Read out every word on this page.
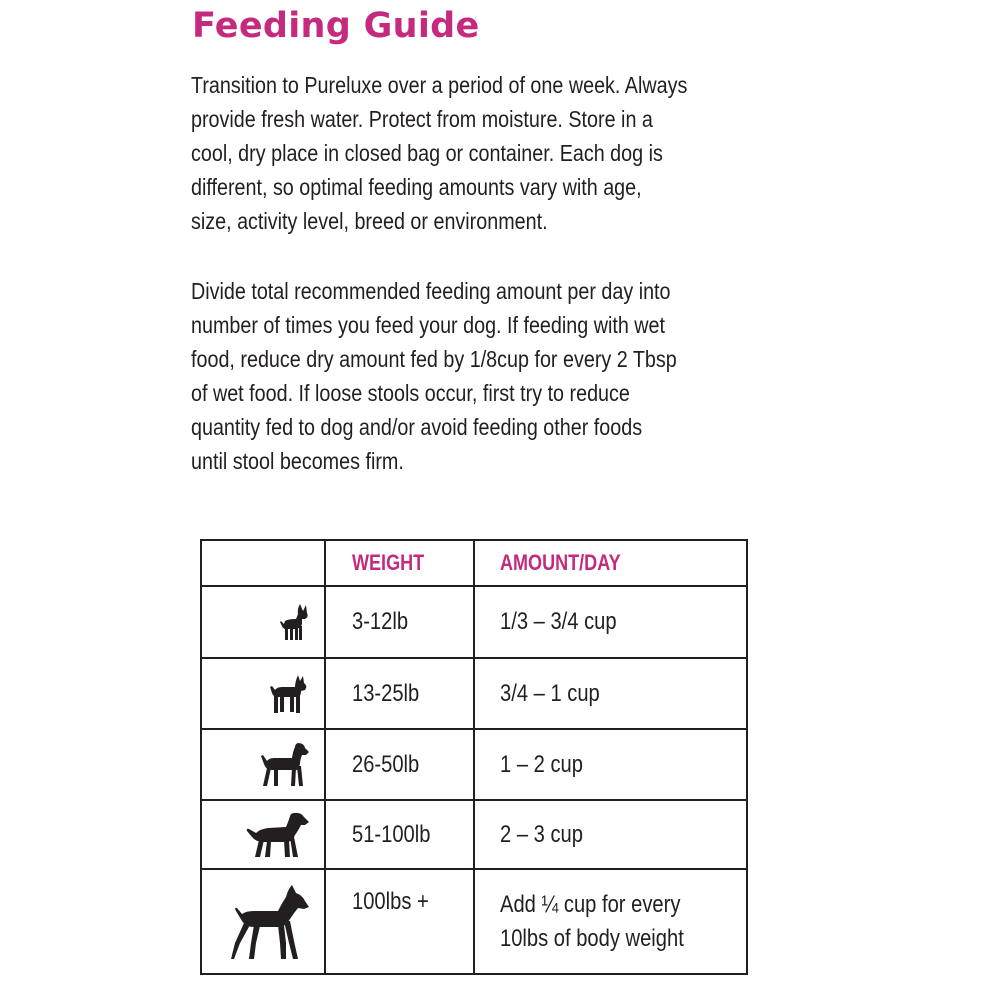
Feeding Guide
Transition to Pureluxe over a period of one week. Always
provide fresh water. Protect from moisture. Store in a
cool, dry place in closed bag or container. Each dog is
different, so optimal feeding amounts vary with age,
size, activity level, breed or environment.
Divide total recommended feeding amount per day into
number of times you feed your dog. If feeding with wet
food, reduce dry amount fed by 1/8cup for every 2 Tbsp
of wet food. If loose stools occur, first try to reduce
quantity fed to dog and/or avoid feeding other foods
until stool becomes firm.
	WEIGHT	AMOUNT/DAY
	3-12lb	1/3 – 3/4 cup
	13-25lb	3/4 – 1 cup
	26-50lb	1 – 2 cup
	51-100lb	2 – 3 cup
	100lbs +	Add ¼ cup for every
10lbs of body weight
